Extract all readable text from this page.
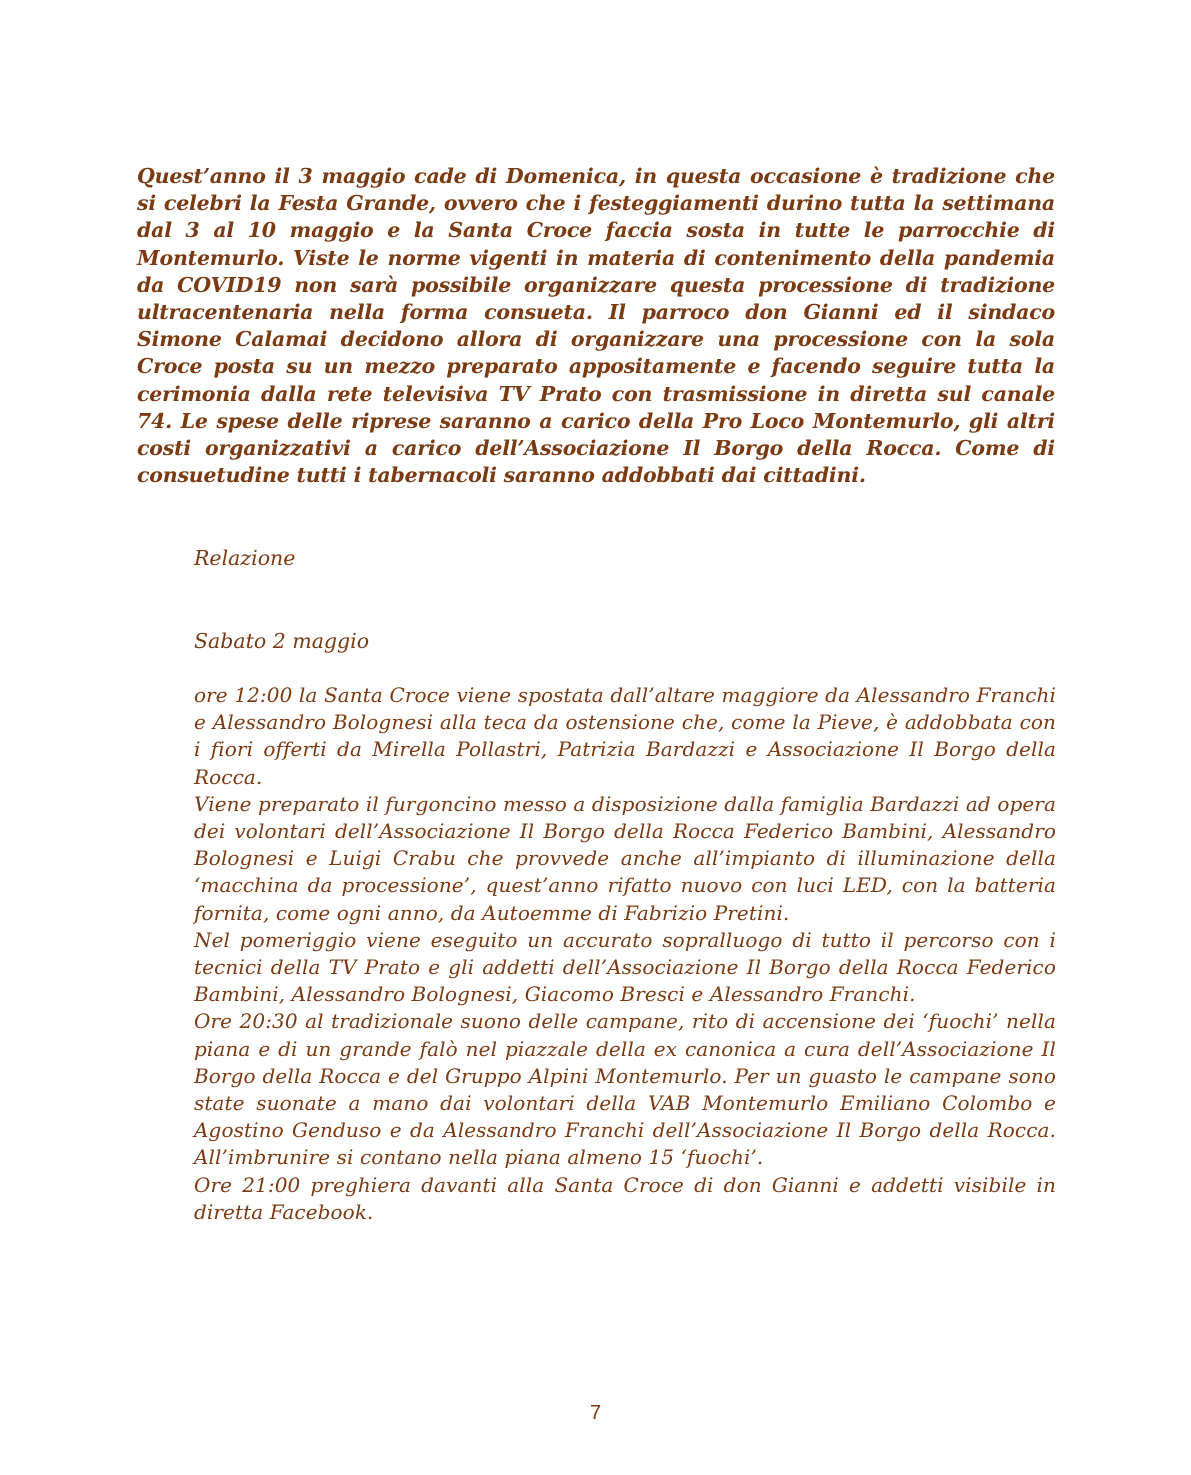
Quest’anno il 3 maggio cade di Domenica, in questa occasione è tradizione che si celebri la Festa Grande, ovvero che i festeggiamenti durino tutta la settimana dal 3 al 10 maggio e la Santa Croce faccia sosta in tutte le parrocchie di Montemurlo. Viste le norme vigenti in materia di contenimento della pandemia da COVID19 non sarà possibile organizzare questa processione di tradizione ultracentenaria nella forma consueta. Il parroco don Gianni ed il sindaco Simone Calamai decidono allora di organizzare una processione con la sola Croce posta su un mezzo preparato appositamente e facendo seguire tutta la cerimonia dalla rete televisiva TV Prato con trasmissione in diretta sul canale 74. Le spese delle riprese saranno a carico della Pro Loco Montemurlo, gli altri costi organizzativi a carico dell’Associazione Il Borgo della Rocca. Come di consuetudine tutti i tabernacoli saranno addobbati dai cittadini.

Relazione
Sabato 2 maggio

ore 12:00 la Santa Croce viene spostata dall’altare maggiore da Alessandro Franchi e Alessandro Bolognesi alla teca da ostensione che, come la Pieve, è addobbata con i fiori offerti da Mirella Pollastri, Patrizia Bardazzi e Associazione Il Borgo della Rocca.

Viene preparato il furgoncino messo a disposizione dalla famiglia Bardazzi ad opera dei volontari dell’Associazione Il Borgo della Rocca Federico Bambini, Alessandro Bolognesi e Luigi Crabu che provvede anche all’impianto di illuminazione della ‘macchina da processione’, quest’anno rifatto nuovo con luci LED, con la batteria fornita, come ogni anno, da Autoemme di Fabrizio Pretini.

Nel pomeriggio viene eseguito un accurato sopralluogo di tutto il percorso con i tecnici della TV Prato e gli addetti dell’Associazione Il Borgo della Rocca Federico Bambini, Alessandro Bolognesi, Giacomo Bresci e Alessandro Franchi.

Ore 20:30 al tradizionale suono delle campane, rito di accensione dei ‘fuochi’ nella piana e di un grande falò nel piazzale della ex canonica a cura dell’Associazione Il Borgo della Rocca e del Gruppo Alpini Montemurlo. Per un guasto le campane sono state suonate a mano dai volontari della VAB Montemurlo Emiliano Colombo e Agostino Genduso e da Alessandro Franchi dell’Associazione Il Borgo della Rocca. All’imbrunire si contano nella piana almeno 15 ‘fuochi’.

Ore 21:00 preghiera davanti alla Santa Croce di don Gianni e addetti visibile in diretta Facebook.

7
